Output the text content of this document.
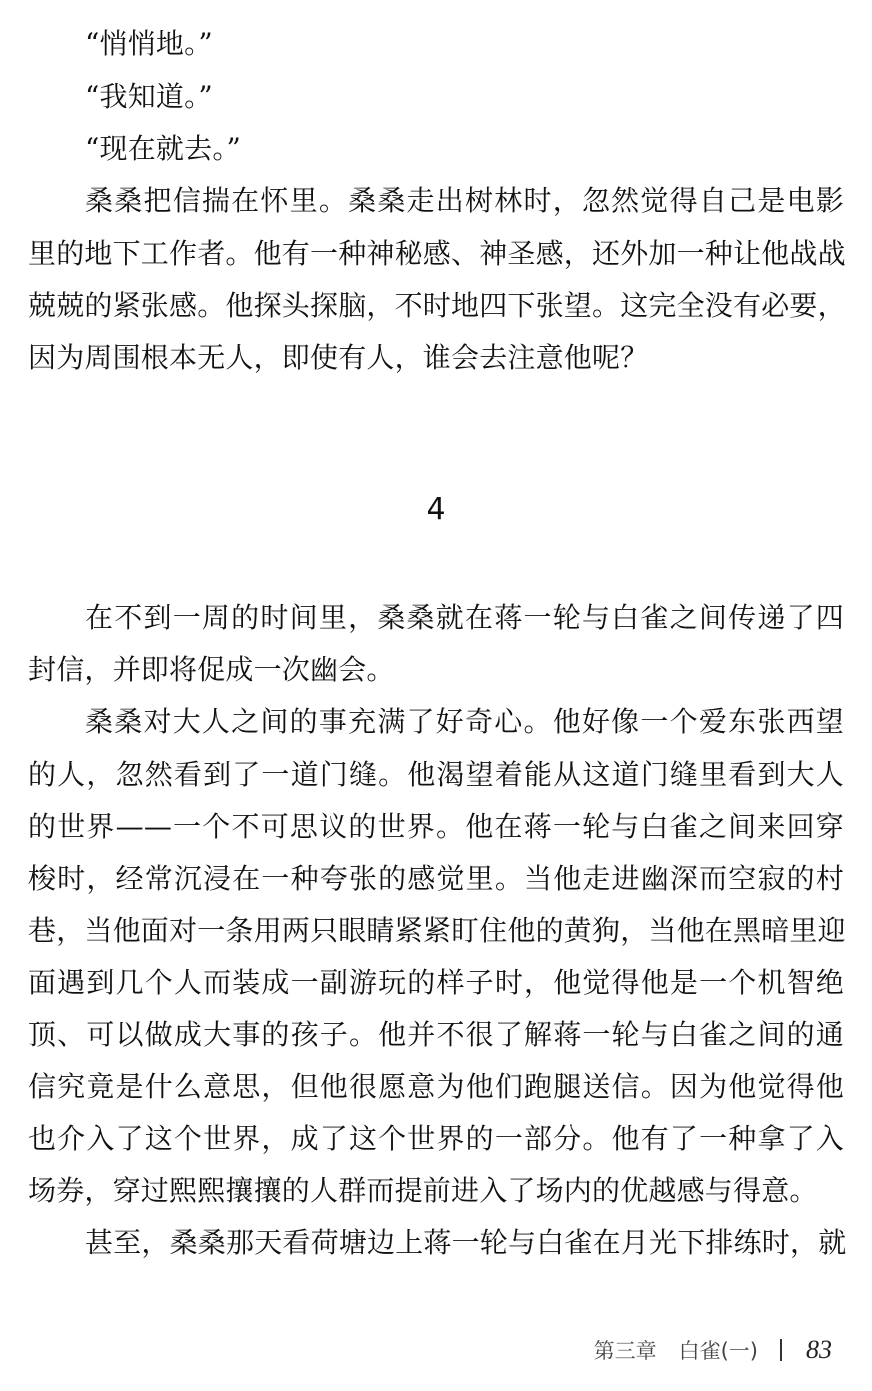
“悄悄地。”
“我知道。”
“现在就去。”
桑桑把信揣在怀里。桑桑走出树林时，忽然觉得自己是电影
里的地下工作者。他有一种神秘感、神圣感，还外加一种让他战战
兢兢的紧张感。他探头探脑，不时地四下张望。这完全没有必要，
因为周围根本无人，即使有人，谁会去注意他呢？
4
在不到一周的时间里，桑桑就在蒋一轮与白雀之间传递了四
封信，并即将促成一次幽会。
桑桑对大人之间的事充满了好奇心。他好像一个爱东张西望
的人，忽然看到了一道门缝。他渴望着能从这道门缝里看到大人
的世界——一个不可思议的世界。他在蒋一轮与白雀之间来回穿
梭时，经常沉浸在一种夸张的感觉里。当他走进幽深而空寂的村
巷，当他面对一条用两只眼睛紧紧盯住他的黄狗，当他在黑暗里迎
面遇到几个人而装成一副游玩的样子时，他觉得他是一个机智绝
顶、可以做成大事的孩子。他并不很了解蒋一轮与白雀之间的通
信究竟是什么意思，但他很愿意为他们跑腿送信。因为他觉得他
也介入了这个世界，成了这个世界的一部分。他有了一种拿了入
场券，穿过熙熙攘攘的人群而提前进入了场内的优越感与得意。
甚至，桑桑那天看荷塘边上蒋一轮与白雀在月光下排练时，就
第三章 白雀(一) 83
